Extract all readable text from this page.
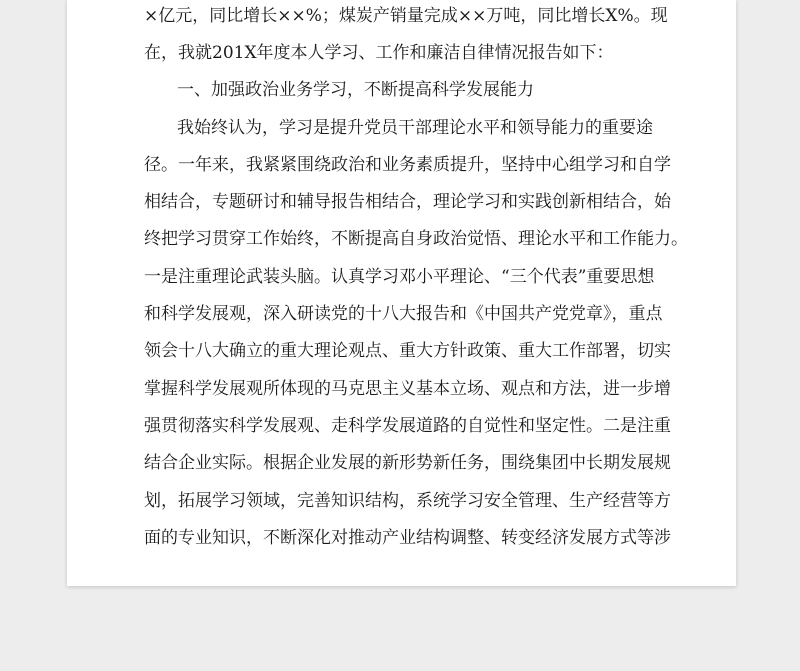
×亿元，同比增长××%；煤炭产销量完成××万吨，同比增长X%。现
在，我就201X年度本人学习、工作和廉洁自律情况报告如下：
一、加强政治业务学习，不断提高科学发展能力
我始终认为，学习是提升党员干部理论水平和领导能力的重要途
径。一年来，我紧紧围绕政治和业务素质提升，坚持中心组学习和自学
相结合，专题研讨和辅导报告相结合，理论学习和实践创新相结合，始
终把学习贯穿工作始终，不断提高自身政治觉悟、理论水平和工作能力。
一是注重理论武装头脑。认真学习邓小平理论、“三个代表”重要思想
和科学发展观，深入研读党的十八大报告和《中国共产党党章》，重点
领会十八大确立的重大理论观点、重大方针政策、重大工作部署，切实
掌握科学发展观所体现的马克思主义基本立场、观点和方法，进一步增
强贯彻落实科学发展观、走科学发展道路的自觉性和坚定性。二是注重
结合企业实际。根据企业发展的新形势新任务，围绕集团中长期发展规
划，拓展学习领域，完善知识结构，系统学习安全管理、生产经营等方
面的专业知识，不断深化对推动产业结构调整、转变经济发展方式等涉
